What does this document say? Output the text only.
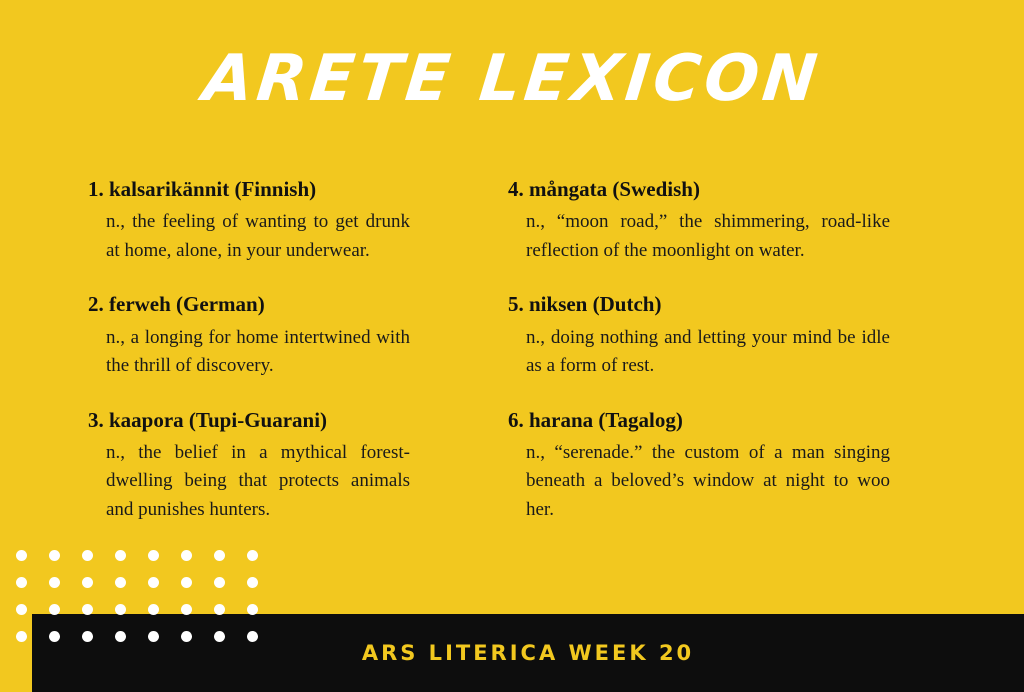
ARETE LEXICON

1. kalsarikännit (Finnish)

n., the feeling of wanting to get drunk at home, alone, in your underwear.

2. ferweh (German)

n., a longing for home intertwined with the thrill of discovery.

3. kaapora (Tupi-Guarani)

n., the belief in a mythical forest-dwelling being that protects animals and punishes hunters.

4. mångata (Swedish)

n., “moon road,” the shimmering, road-like reflection of the moonlight on water.

5. niksen (Dutch)

n., doing nothing and letting your mind be idle as a form of rest.

6. harana (Tagalog)

n., “serenade.” the custom of a man singing beneath a beloved’s window at night to woo her.

ARS LITERICA WEEK 20
